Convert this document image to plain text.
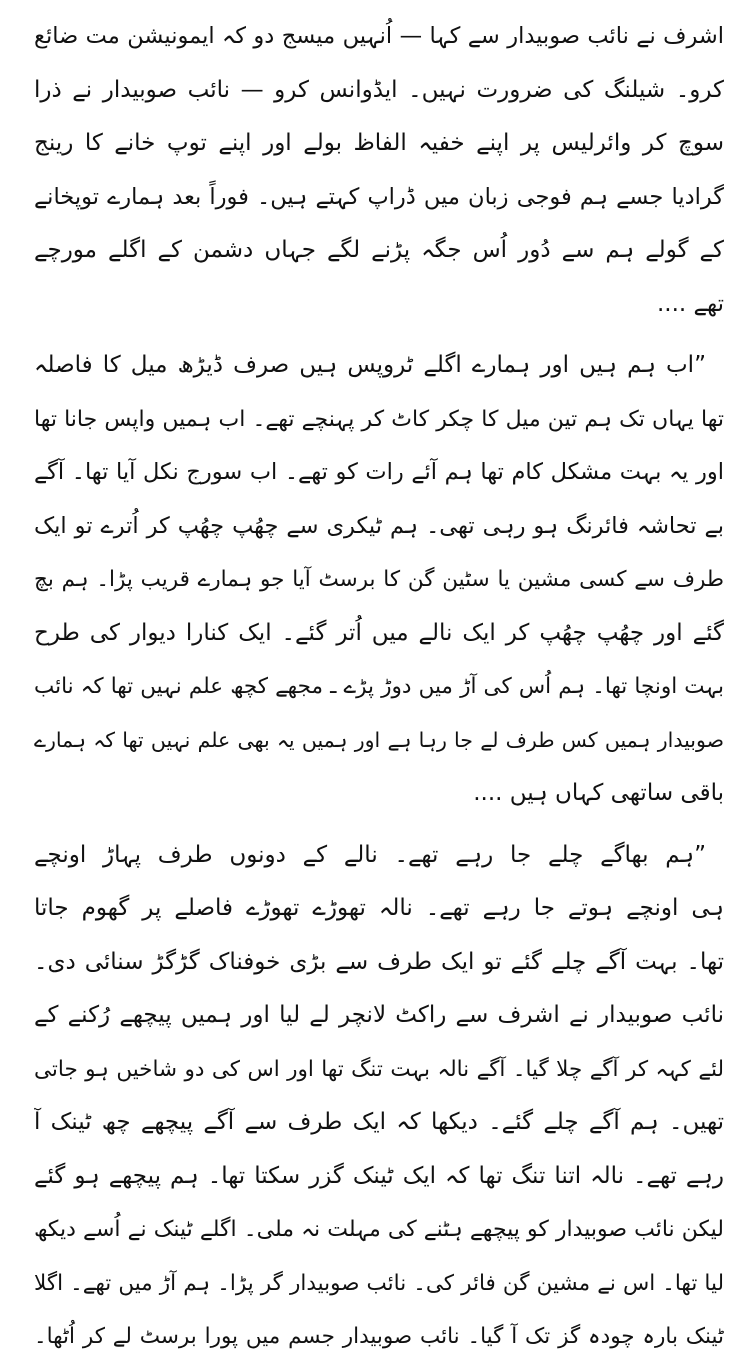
اشرف نے نائب صوبیدار سے کہا — اُنہیں میسج دو کہ ایمونیشن مت ضائع
کرو۔ شیلنگ کی ضرورت نہیں۔ ایڈوانس کرو — نائب صوبیدار نے ذرا
سوچ کر وائرلیس پر اپنے خفیہ الفاظ بولے اور اپنے توپ خانے کا رینج
گرادیا جسے ہم فوجی زبان میں ڈراپ کہتے ہیں۔ فوراً بعد ہمارے توپخانے
کے گولے ہم سے دُور اُس جگہ پڑنے لگے جہاں دشمن کے اگلے مورچے
تھے ....
”اب ہم ہیں اور ہمارے اگلے ٹروپس ہیں صرف ڈیڑھ میل کا فاصلہ
تھا یہاں تک ہم تین میل کا چکر کاٹ کر پہنچے تھے۔ اب ہمیں واپس جانا تھا
اور یہ بہت مشکل کام تھا ہم آئے رات کو تھے۔ اب سورج نکل آیا تھا۔ آگے
بے تحاشہ فائرنگ ہو رہی تھی۔ ہم ٹیکری سے چھُپ چھُپ کر اُترے تو ایک
طرف سے کسی مشین یا سٹین گن کا برسٹ آیا جو ہمارے قریب پڑا۔ ہم بچ
گئے اور چھُپ چھُپ کر ایک نالے میں اُتر گئے۔ ایک کنارا دیوار کی طرح
بہت اونچا تھا۔ ہم اُس کی آڑ میں دوڑ پڑے ـ مجھے کچھ علم نہیں تھا کہ نائب
صوبیدار ہمیں کس طرف لے جا رہا ہے اور ہمیں یہ بھی علم نہیں تھا کہ ہمارے
باقی ساتھی کہاں ہیں ....
”ہم بھاگے چلے جا رہے تھے۔ نالے کے دونوں طرف پہاڑ اونچے
ہی اونچے ہوتے جا رہے تھے۔ نالہ تھوڑے تھوڑے فاصلے پر گھوم جاتا
تھا۔ بہت آگے چلے گئے تو ایک طرف سے بڑی خوفناک گڑگڑ سنائی دی۔
نائب صوبیدار نے اشرف سے راکٹ لانچر لے لیا اور ہمیں پیچھے رُکنے کے
لئے کہہ کر آگے چلا گیا۔ آگے نالہ بہت تنگ تھا اور اس کی دو شاخیں ہو جاتی
تھیں۔ ہم آگے چلے گئے۔ دیکھا کہ ایک طرف سے آگے پیچھے چھ ٹینک آ
رہے تھے۔ نالہ اتنا تنگ تھا کہ ایک ٹینک گزر سکتا تھا۔ ہم پیچھے ہو گئے
لیکن نائب صوبیدار کو پیچھے ہٹنے کی مہلت نہ ملی۔ اگلے ٹینک نے اُسے دیکھ
لیا تھا۔ اس نے مشین گن فائر کی۔ نائب صوبیدار گر پڑا۔ ہم آڑ میں تھے۔ اگلا
ٹینک بارہ چودہ گز تک آ گیا۔ نائب صوبیدار جسم میں پورا برسٹ لے کر اُٹھا۔
